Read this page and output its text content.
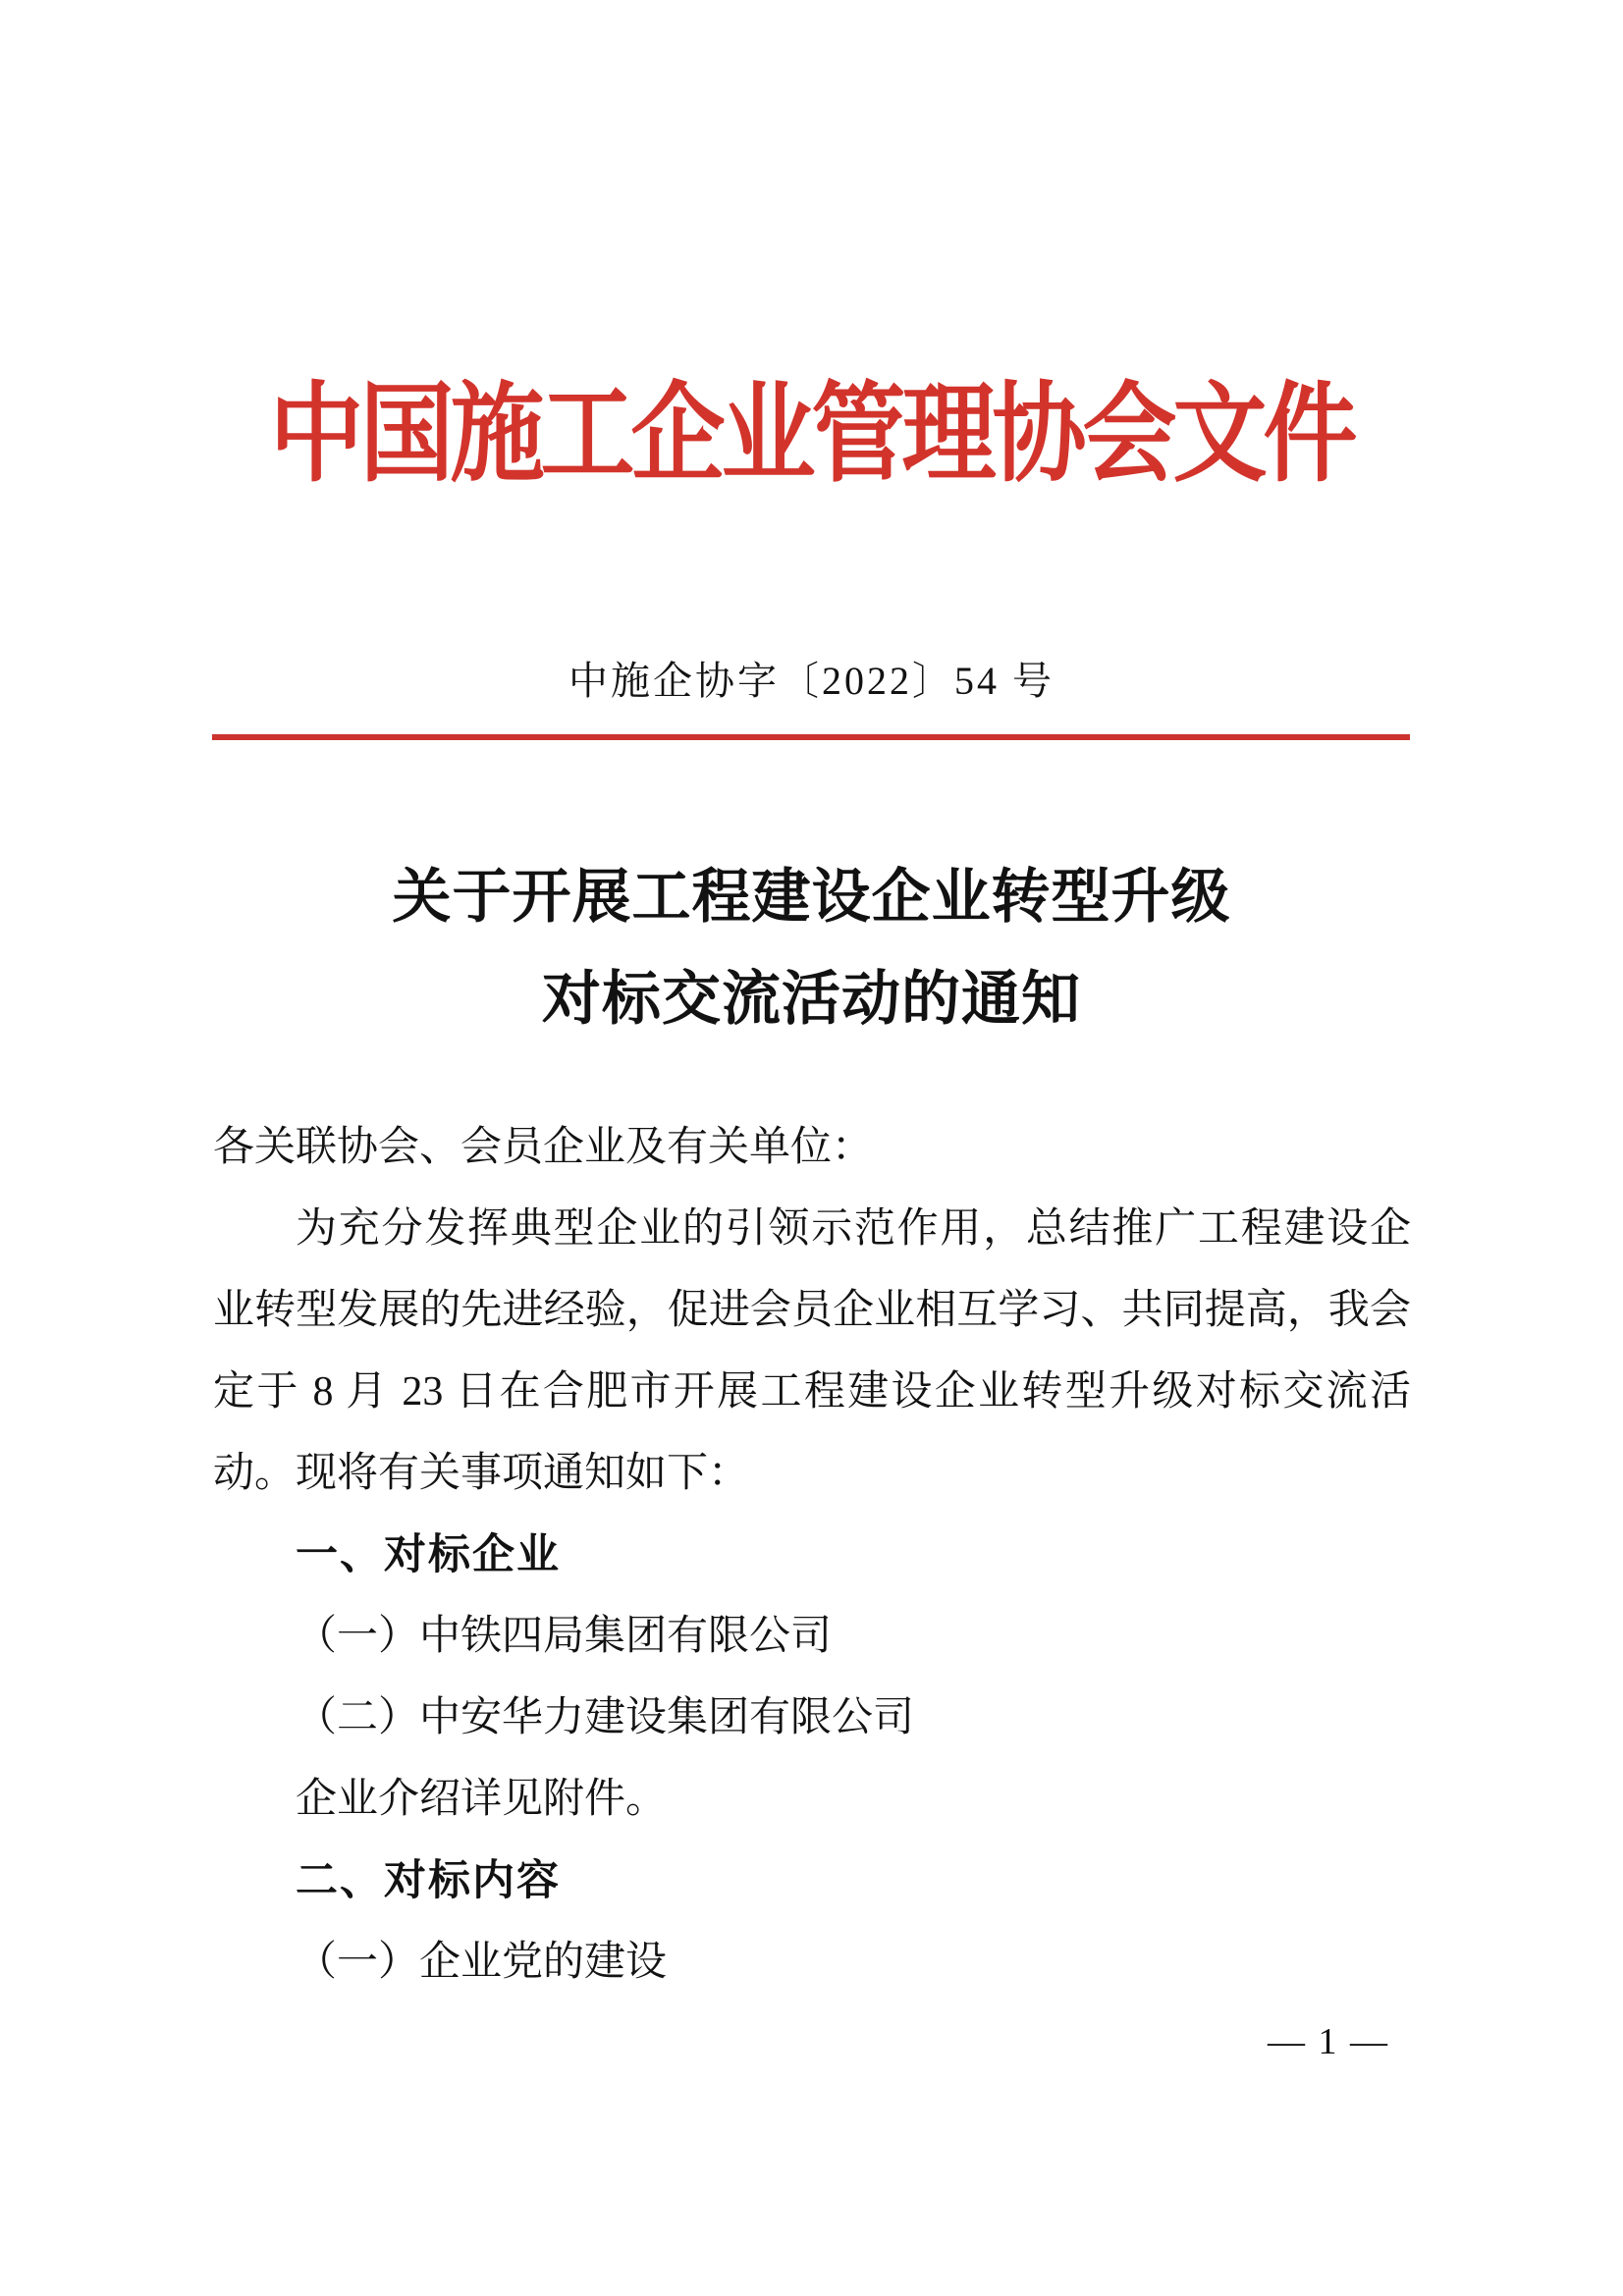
中国施工企业管理协会文件
中施企协字〔2022〕54 号
关于开展工程建设企业转型升级
对标交流活动的通知
各关联协会、会员企业及有关单位：
为充分发挥典型企业的引领示范作用，总结推广工程建设企
业转型发展的先进经验，促进会员企业相互学习、共同提高，我会
定于 8 月 23 日在合肥市开展工程建设企业转型升级对标交流活
动。现将有关事项通知如下：
一、对标企业
（一）中铁四局集团有限公司
（二）中安华力建设集团有限公司
企业介绍详见附件。
二、对标内容
（一）企业党的建设
— 1 —
